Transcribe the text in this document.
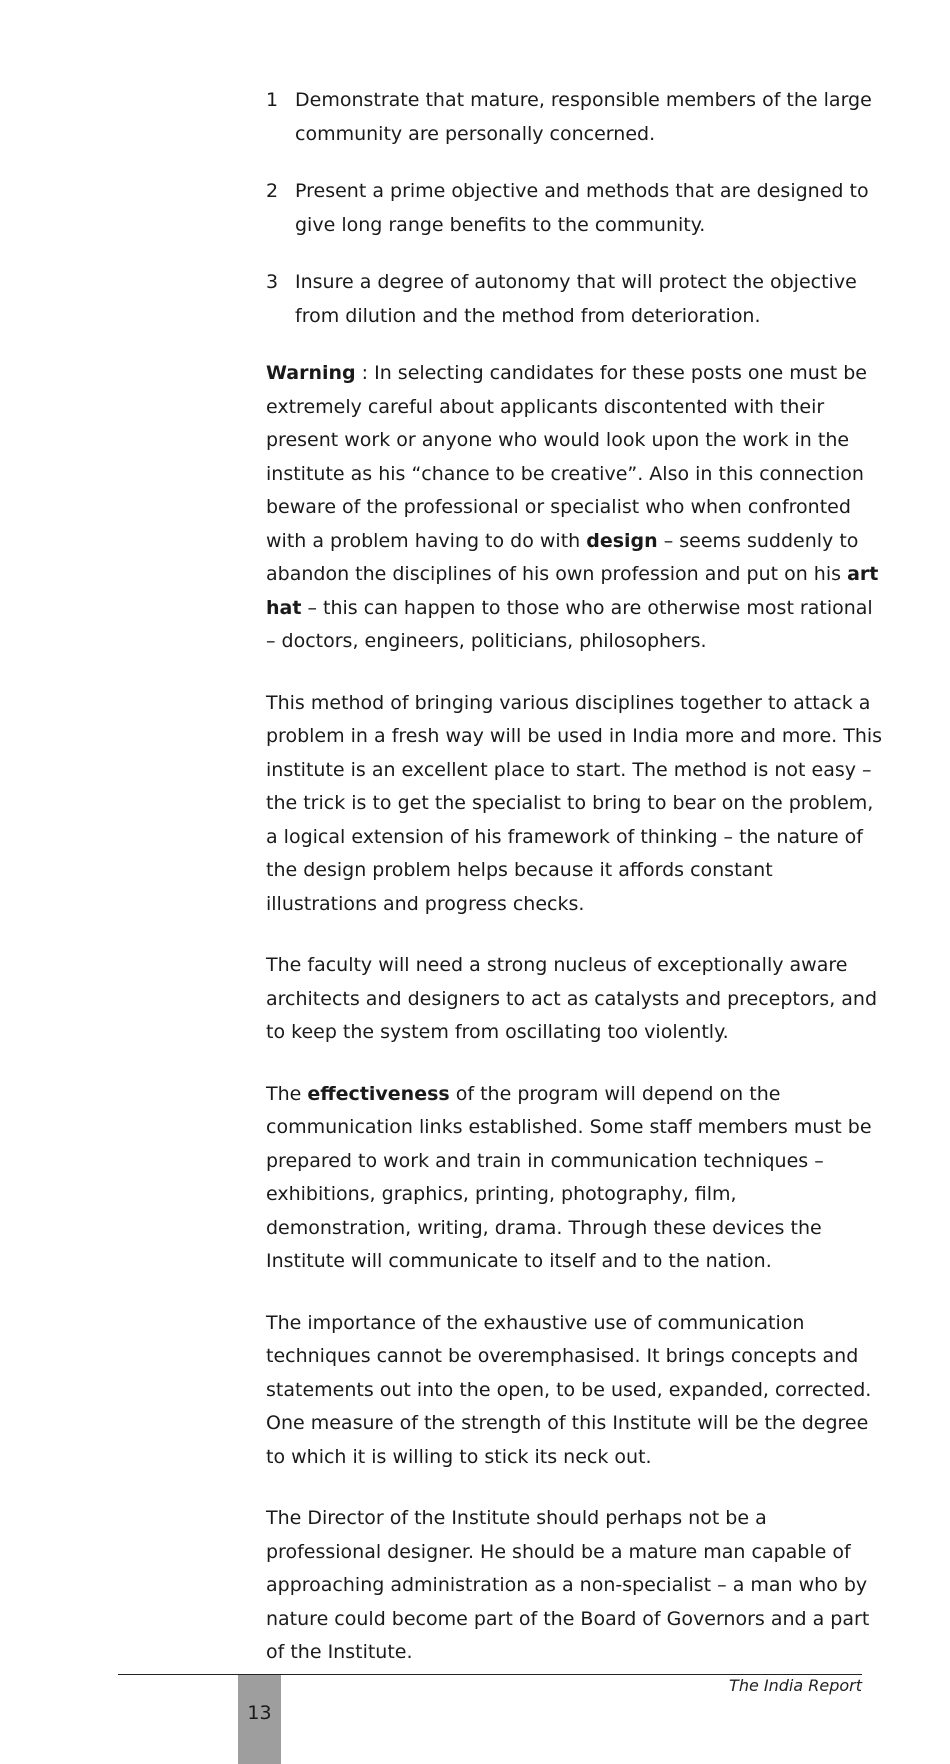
1 Demonstrate that mature, responsible members of the large community are personally concerned.
2 Present a prime objective and methods that are designed to give long range benefits to the community.
3 Insure a degree of autonomy that will protect the objective from dilution and the method from deterioration.

Warning : In selecting candidates for these posts one must be extremely careful about applicants discontented with their present work or anyone who would look upon the work in the institute as his “chance to be creative”. Also in this connection beware of the professional or specialist who when confronted with a problem having to do with design – seems suddenly to abandon the disciplines of his own profession and put on his art hat – this can happen to those who are otherwise most rational – doctors, engineers, politicians, philosophers.

This method of bringing various disciplines together to attack a problem in a fresh way will be used in India more and more. This institute is an excellent place to start. The method is not easy – the trick is to get the specialist to bring to bear on the problem, a logical extension of his framework of thinking – the nature of the design problem helps because it affords constant illustrations and progress checks.

The faculty will need a strong nucleus of exceptionally aware architects and designers to act as catalysts and preceptors, and to keep the system from oscillating too violently.

The effectiveness of the program will depend on the communication links established. Some staff members must be prepared to work and train in communication techniques – exhibitions, graphics, printing, photography, film, demonstration, writing, drama. Through these devices the Institute will communicate to itself and to the nation.

The importance of the exhaustive use of communication techniques cannot be overemphasised. It brings concepts and statements out into the open, to be used, expanded, corrected. One measure of the strength of this Institute will be the degree to which it is willing to stick its neck out.

The Director of the Institute should perhaps not be a professional designer. He should be a mature man capable of approaching administration as a non-specialist – a man who by nature could become part of the Board of Governors and a part of the Institute.

The India Report
13
